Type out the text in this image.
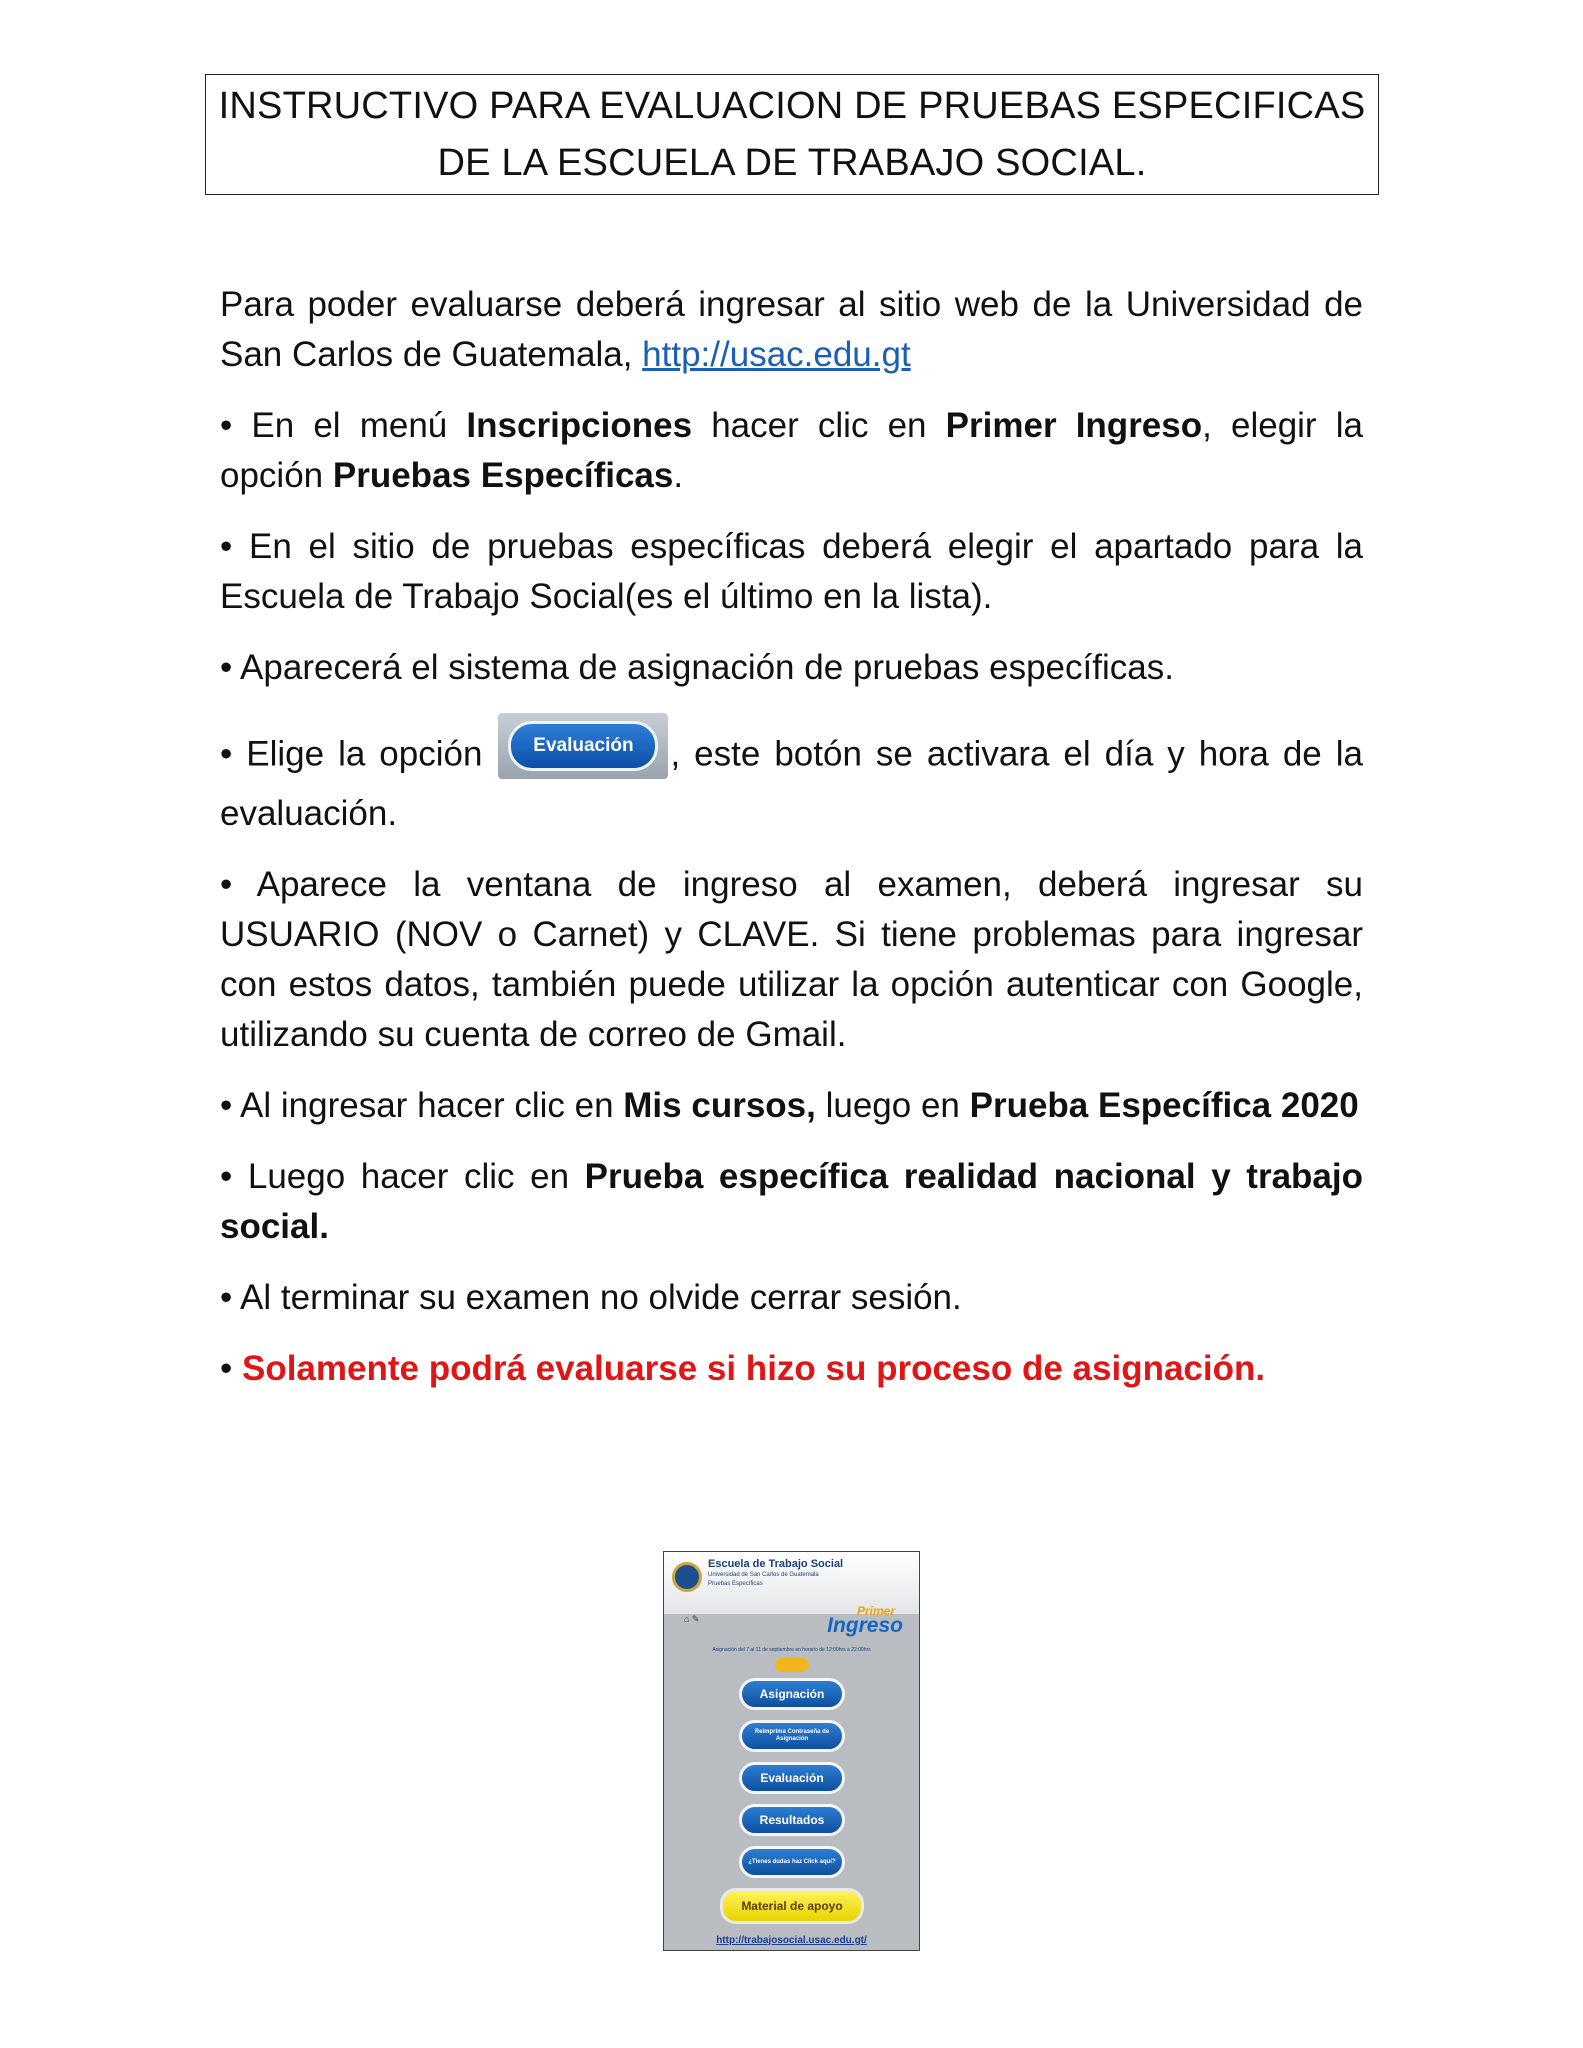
INSTRUCTIVO PARA EVALUACION DE PRUEBAS ESPECIFICAS
DE LA ESCUELA DE TRABAJO SOCIAL.

Para poder evaluarse deberá ingresar al sitio web de la Universidad de San Carlos de Guatemala, http://usac.edu.gt

• En el menú Inscripciones hacer clic en Primer Ingreso, elegir la opción Pruebas Específicas.

• En el sitio de pruebas específicas deberá elegir el apartado para la Escuela de Trabajo Social(es el último en la lista).

• Aparecerá el sistema de asignación de pruebas específicas.

• Elige la opción	Evaluación	, este botón se activara el día y hora de la evaluación.

• Aparece la ventana de ingreso al examen, deberá ingresar su USUARIO (NOV o Carnet) y CLAVE. Si tiene problemas para ingresar con estos datos, también puede utilizar la opción autenticar con Google, utilizando su cuenta de correo de Gmail.

• Al ingresar hacer clic en Mis cursos, luego en Prueba Específica 2020

• Luego hacer clic en Prueba específica realidad nacional y trabajo social.

• Al terminar su examen no olvide cerrar sesión.

• Solamente podrá evaluarse si hizo su proceso de asignación.

Escuela de Trabajo Social
Universidad de San Carlos de Guatemala
Pruebas Específicas
⌂ ✎
Primer
Ingreso
Asignación del 7 al 11 de septiembre en horario de 12:00hrs a 22:00hrs
Asignación
Reimprima Contraseña de Asignación
Evaluación
Resultados
¿Tienes dudas haz Click aquí?
Material de apoyo
http://trabajosocial.usac.edu.gt/
